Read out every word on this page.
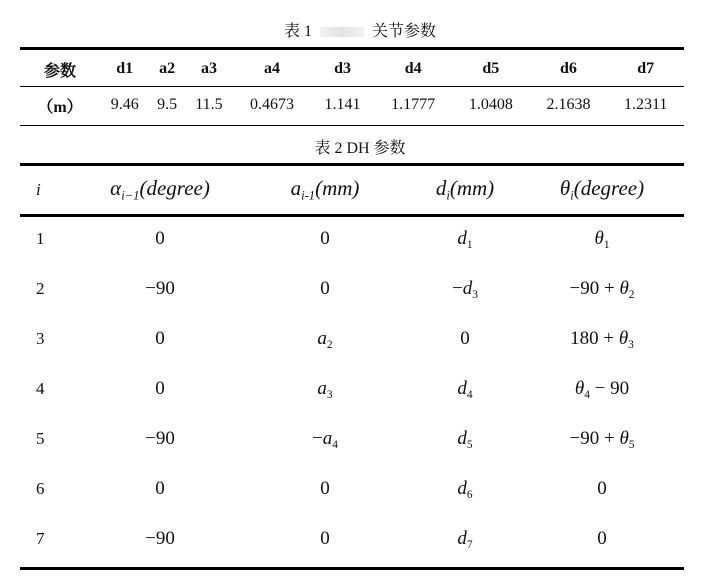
表 1	关节参数
参数	d1	a2	a3	a4	d3	d4	d5	d6	d7
（m）	9.46	9.5	11.5	0.4673	1.141	1.1777	1.0408	2.1638	1.2311
表 2 DH 参数
i	$\alpha_{i-1}(degree)$	$a_{i-1}(mm)$	$d_i(mm)$	$\theta_i(degree)$
1	0	0	$d_1$	$\theta_1$
2	−90	0	$-d_3$	$-90 + \theta_2$
3	0	$a_2$	0	$180 + \theta_3$
4	0	$a_3$	$d_4$	$\theta_4 - 90$
5	−90	$-a_4$	$d_5$	$-90 + \theta_5$
6	0	0	$d_6$	0
7	−90	0	$d_7$	0
